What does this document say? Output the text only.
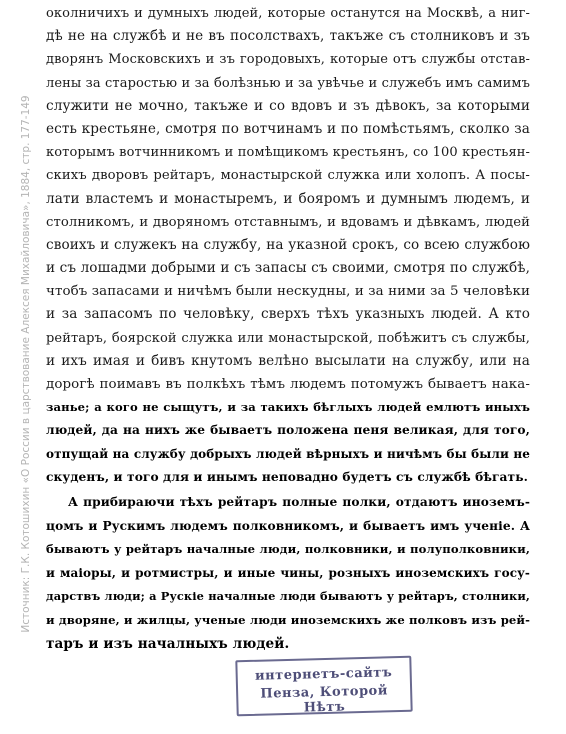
Источник: Г.К. Котошихин «О России в царствование Алексея Михайловича», 1884, стр. 177-149
околничихъ и думныхъ людей, которые останутся на Москвѣ, а ниг-
дѣ не на службѣ и не въ посолствахъ, такъже съ столниковъ и зъ
дворянъ Московскихъ и зъ городовыхъ, которые отъ службы отстав-
лены за старостью и за болѣзнью и за увѣчье и служебъ имъ самимъ
служити не мочно, такъже и со вдовъ и зъ дѣвокъ, за которыми
есть крестьяне, смотря по вотчинамъ и по помѣстьямъ, сколко за
которымъ вотчинникомъ и помѣщикомъ крестьянъ, со 100 крестьян-
скихъ дворовъ рейтаръ, монастырской служка или холопъ. А посы-
лати властемъ и монастыремъ, и бояромъ и думнымъ людемъ, и
столникомъ, и дворяномъ отставнымъ, и вдовамъ и дѣвкамъ, людей
своихъ и служекъ на службу, на указной срокъ, со всею службою
и съ лошадми добрыми и съ запасы съ своими, смотря по службѣ,
чтобъ запасами и ничѣмъ были нескудны, и за ними за 5 человѣки
и за запасомъ по человѣку, сверхъ тѣхъ указныхъ людей. А кто
рейтаръ, боярской служка или монастырской, побѣжитъ съ службы,
и ихъ имая и бивъ кнутомъ велѣно высылати на службу, или на
дорогѣ поимавъ въ полкѣхъ тѣмъ людемъ потомужъ бываетъ нака-
занье; а кого не сыщутъ, и за такихъ бѣглыхъ людей емлютъ иныхъ
людей, да на нихъ же бываетъ положена пеня великая, для того,
отпущай на службу добрыхъ людей вѣрныхъ и ничѣмъ бы были не
скуденъ, и того для и инымъ неповадно будетъ съ службѣ бѣгать.
А прибираючи тѣхъ рейтаръ полные полки, отдаютъ иноземъ-
цомъ и Рускимъ людемъ полковникомъ, и бываетъ имъ ученіе. А
бываютъ у рейтаръ началные люди, полковники, и полуполковники,
и маіоры, и ротмистры, и иные чины, розныхъ иноземскихъ госу-
дарствъ люди; а Рускіе началные люди бываютъ у рейтаръ, столники,
и дворяне, и жилцы, ученые люди иноземскихъ же полковъ изъ рей-
таръ и изъ началныхъ людей.
интернетъ-сайтъ
Пенза, Которой Нѣтъ
